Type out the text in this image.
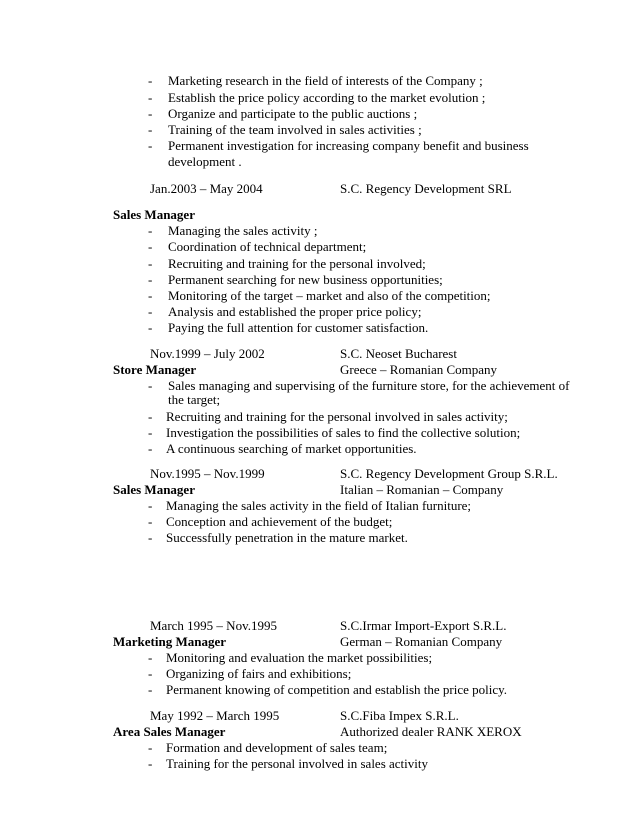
-	Marketing research in the field of interests of the Company ;
-	Establish the price policy according to the market evolution ;
-	Organize and participate to the public auctions ;
-	Training of the team involved in sales activities ;
-	Permanent investigation for increasing company benefit and business
development .
Jan.2003 – May 2004	S.C. Regency Development SRL
Sales Manager
-	Managing the sales activity ;
-	Coordination of technical department;
-	Recruiting and training for the personal involved;
-	Permanent searching for new business opportunities;
-	Monitoring of the target – market and also of the competition;
-	Analysis and established the proper price policy;
-	Paying the full attention for customer satisfaction.
Nov.1999 – July 2002	S.C. Neoset Bucharest
Store Manager	Greece – Romanian Company
-	Sales managing and supervising of the furniture store, for the achievement of
the target;
-	Recruiting and training for the personal involved in sales activity;
-	Investigation the possibilities of sales to find the collective solution;
-	A continuous searching of market opportunities.
Nov.1995 – Nov.1999	S.C. Regency Development Group S.R.L.
Sales Manager	Italian – Romanian – Company
-	Managing the sales activity in the field of Italian furniture;
-	Conception and achievement of the budget;
-	Successfully penetration in the mature market.
March 1995 – Nov.1995	S.C.Irmar Import-Export S.R.L.
Marketing Manager	German – Romanian Company
-	Monitoring and evaluation the market possibilities;
-	Organizing of fairs and exhibitions;
-	Permanent knowing of competition and establish the price policy.
May 1992 – March 1995	S.C.Fiba Impex S.R.L.
Area Sales Manager	Authorized dealer RANK XEROX
-	Formation and development of sales team;
-	Training for the personal involved in sales activity
